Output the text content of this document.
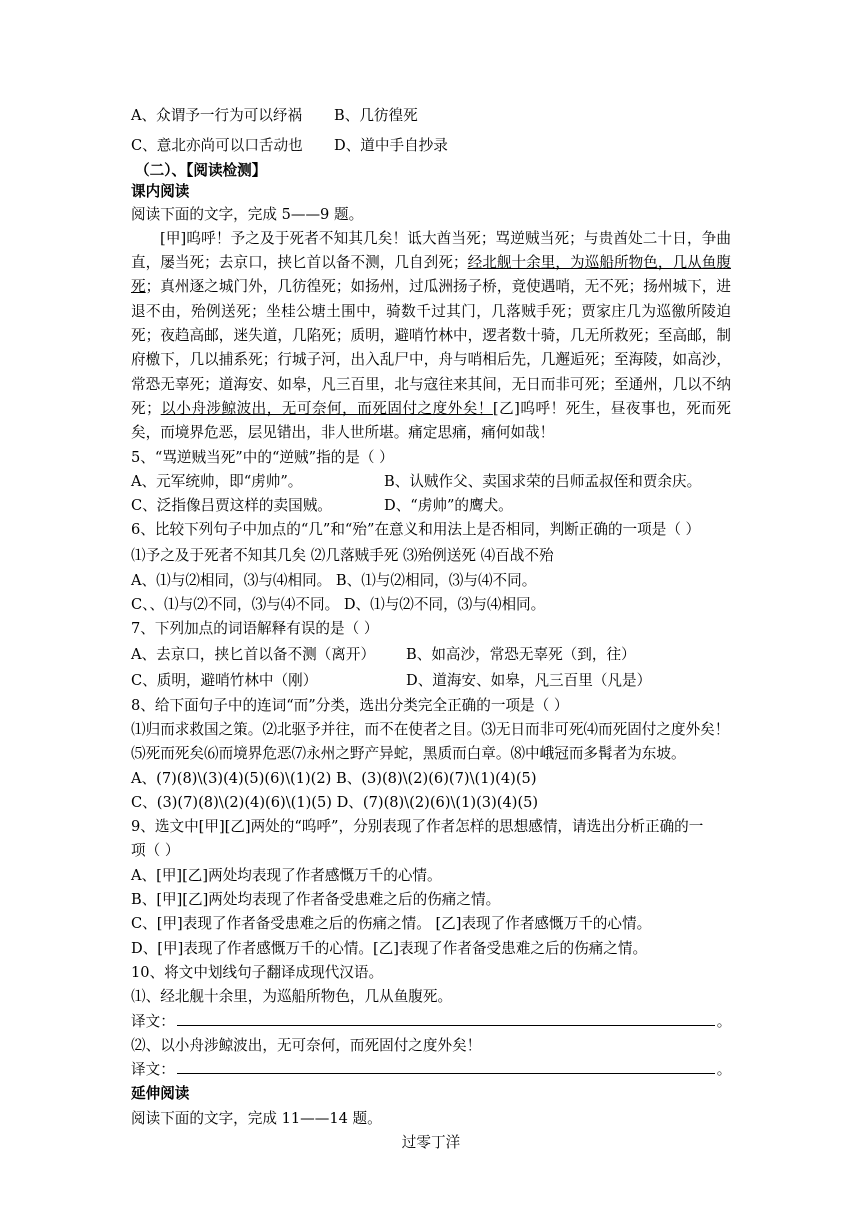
A、众谓予一行为可以纾祸	B、几彷徨死
C、意北亦尚可以口舌动也	D、道中手自抄录
（二）、【阅读检测】
课内阅读
阅读下面的文字，完成 5——9 题。

[甲]呜呼！予之及于死者不知其几矣！诋大酋当死；骂逆贼当死；与贵酋处二十日，争曲直，屡当死；去京口，挟匕首以备不测，几自刭死；经北舰十余里，为巡船所物色，几从鱼腹死；真州逐之城门外，几彷徨死；如扬州，过瓜洲扬子桥，竟使遇哨，无不死；扬州城下，进退不由，殆例送死；坐桂公塘土围中，骑数千过其门，几落贼手死；贾家庄几为巡徼所陵迫死；夜趋高邮，迷失道，几陷死；质明，避哨竹林中，逻者数十骑，几无所救死；至高邮，制府檄下，几以捕系死；行城子河，出入乱尸中，舟与哨相后先，几邂逅死；至海陵，如高沙，常恐无辜死；道海安、如皋，凡三百里，北与寇往来其间，无日而非可死；至通州，几以不纳死；以小舟涉鲸波出，无可奈何，而死固付之度外矣！[乙]呜呼！死生，昼夜事也，死而死矣，而境界危恶，层见错出，非人世所堪。痛定思痛，痛何如哉！

5、“骂逆贼当死”中的“逆贼”指的是（ ）
A、元军统帅，即“虏帅”。	B、认贼作父、卖国求荣的吕师孟叔侄和贾余庆。
C、泛指像吕贾这样的卖国贼。	D、“虏帅”的鹰犬。
6、比较下列句子中加点的“几”和“殆”在意义和用法上是否相同，判断正确的一项是（ ）
⑴予之及于死者不知其几矣 ⑵几落贼手死 ⑶殆例送死 ⑷百战不殆
A、⑴与⑵相同，⑶与⑷相同。 B、⑴与⑵相同，⑶与⑷不同。
C、、⑴与⑵不同，⑶与⑷不同。 D、⑴与⑵不同，⑶与⑷相同。
7、下列加点的词语解释有误的是（ ）
A、去京口，挟匕首以备不测（离开）	B、如高沙，常恐无辜死（到，往）
C、质明，避哨竹林中（刚）	D、道海安、如皋，凡三百里（凡是）
8、给下面句子中的连词“而”分类，选出分类完全正确的一项是（ ）
⑴归而求救国之策。⑵北驱予并往，而不在使者之目。⑶无日而非可死⑷而死固付之度外矣！
⑸死而死矣⑹而境界危恶⑺永州之野产异蛇，黑质而白章。⑻中峨冠而多髯者为东坡。
A、(7)(8)\(3)(4)(5)(6)\(1)(2) B、(3)(8)\(2)(6)(7)\(1)(4)(5)
C、(3)(7)(8)\(2)(4)(6)\(1)(5) D、(7)(8)\(2)(6)\(1)(3)(4)(5)
9、选文中[甲][乙]两处的“呜呼”，分别表现了作者怎样的思想感情，请选出分析正确的一
项（ ）
A、[甲][乙]两处均表现了作者感慨万千的心情。
B、[甲][乙]两处均表现了作者备受患难之后的伤痛之情。
C、[甲]表现了作者备受患难之后的伤痛之情。 [乙]表现了作者感慨万千的心情。
D、[甲]表现了作者感慨万千的心情。[乙]表现了作者备受患难之后的伤痛之情。
10、将文中划线句子翻译成现代汉语。
⑴、经北舰十余里，为巡船所物色，几从鱼腹死。
译文：	。
⑵、以小舟涉鲸波出，无可奈何，而死固付之度外矣！
译文：	。
延伸阅读
阅读下面的文字，完成 11——14 题。
过零丁洋
